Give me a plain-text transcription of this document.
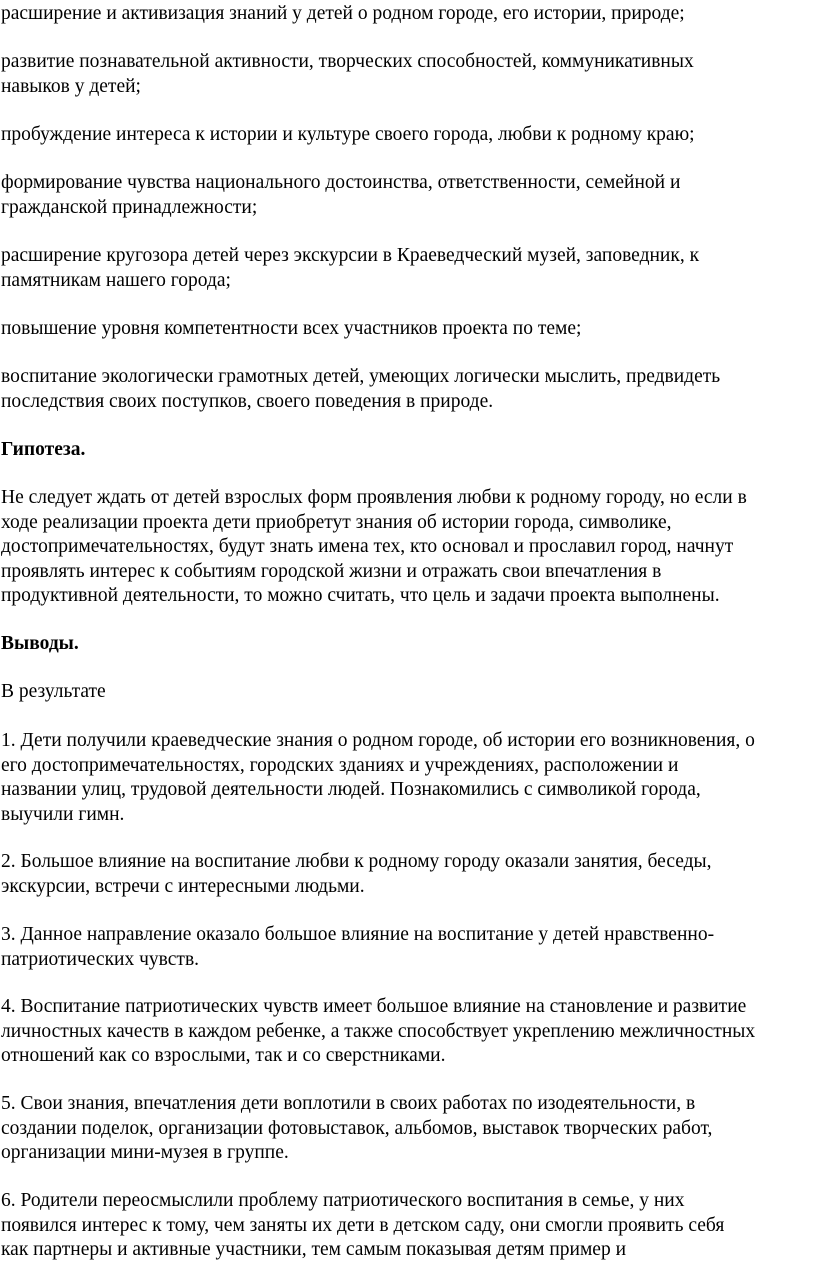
расширение и активизация знаний у детей о родном городе, его истории, природе;

развитие познавательной активности, творческих способностей, коммуникативных
навыков у детей;

пробуждение интереса к истории и культуре своего города, любви к родному краю;

формирование чувства национального достоинства, ответственности, семейной и
гражданской принадлежности;

расширение кругозора детей через экскурсии в Краеведческий музей, заповедник, к
памятникам нашего города;

повышение уровня компетентности всех участников проекта по теме;

воспитание экологически грамотных детей, умеющих логически мыслить, предвидеть
последствия своих поступков, своего поведения в природе.

Гипотеза.

Не следует ждать от детей взрослых форм проявления любви к родному городу, но если в
ходе реализации проекта дети приобретут знания об истории города, символике,
достопримечательностях, будут знать имена тех, кто основал и прославил город, начнут
проявлять интерес к событиям городской жизни и отражать свои впечатления в
продуктивной деятельности, то можно считать, что цель и задачи проекта выполнены.

Выводы.

В результате

1. Дети получили краеведческие знания о родном городе, об истории его возникновения, о
его достопримечательностях, городских зданиях и учреждениях, расположении и
названии улиц, трудовой деятельности людей. Познакомились с символикой города,
выучили гимн.

2. Большое влияние на воспитание любви к родному городу оказали занятия, беседы,
экскурсии, встречи с интересными людьми.

3. Данное направление оказало большое влияние на воспитание у детей нравственно-
патриотических чувств.

4. Воспитание патриотических чувств имеет большое влияние на становление и развитие
личностных качеств в каждом ребенке, а также способствует укреплению межличностных
отношений как со взрослыми, так и со сверстниками.

5. Свои знания, впечатления дети воплотили в своих работах по изодеятельности, в
создании поделок, организации фотовыставок, альбомов, выставок творческих работ,
организации мини-музея в группе.

6. Родители переосмыслили проблему патриотического воспитания в семье, у них
появился интерес к тому, чем заняты их дети в детском саду, они смогли проявить себя
как партнеры и активные участники, тем самым показывая детям пример и
